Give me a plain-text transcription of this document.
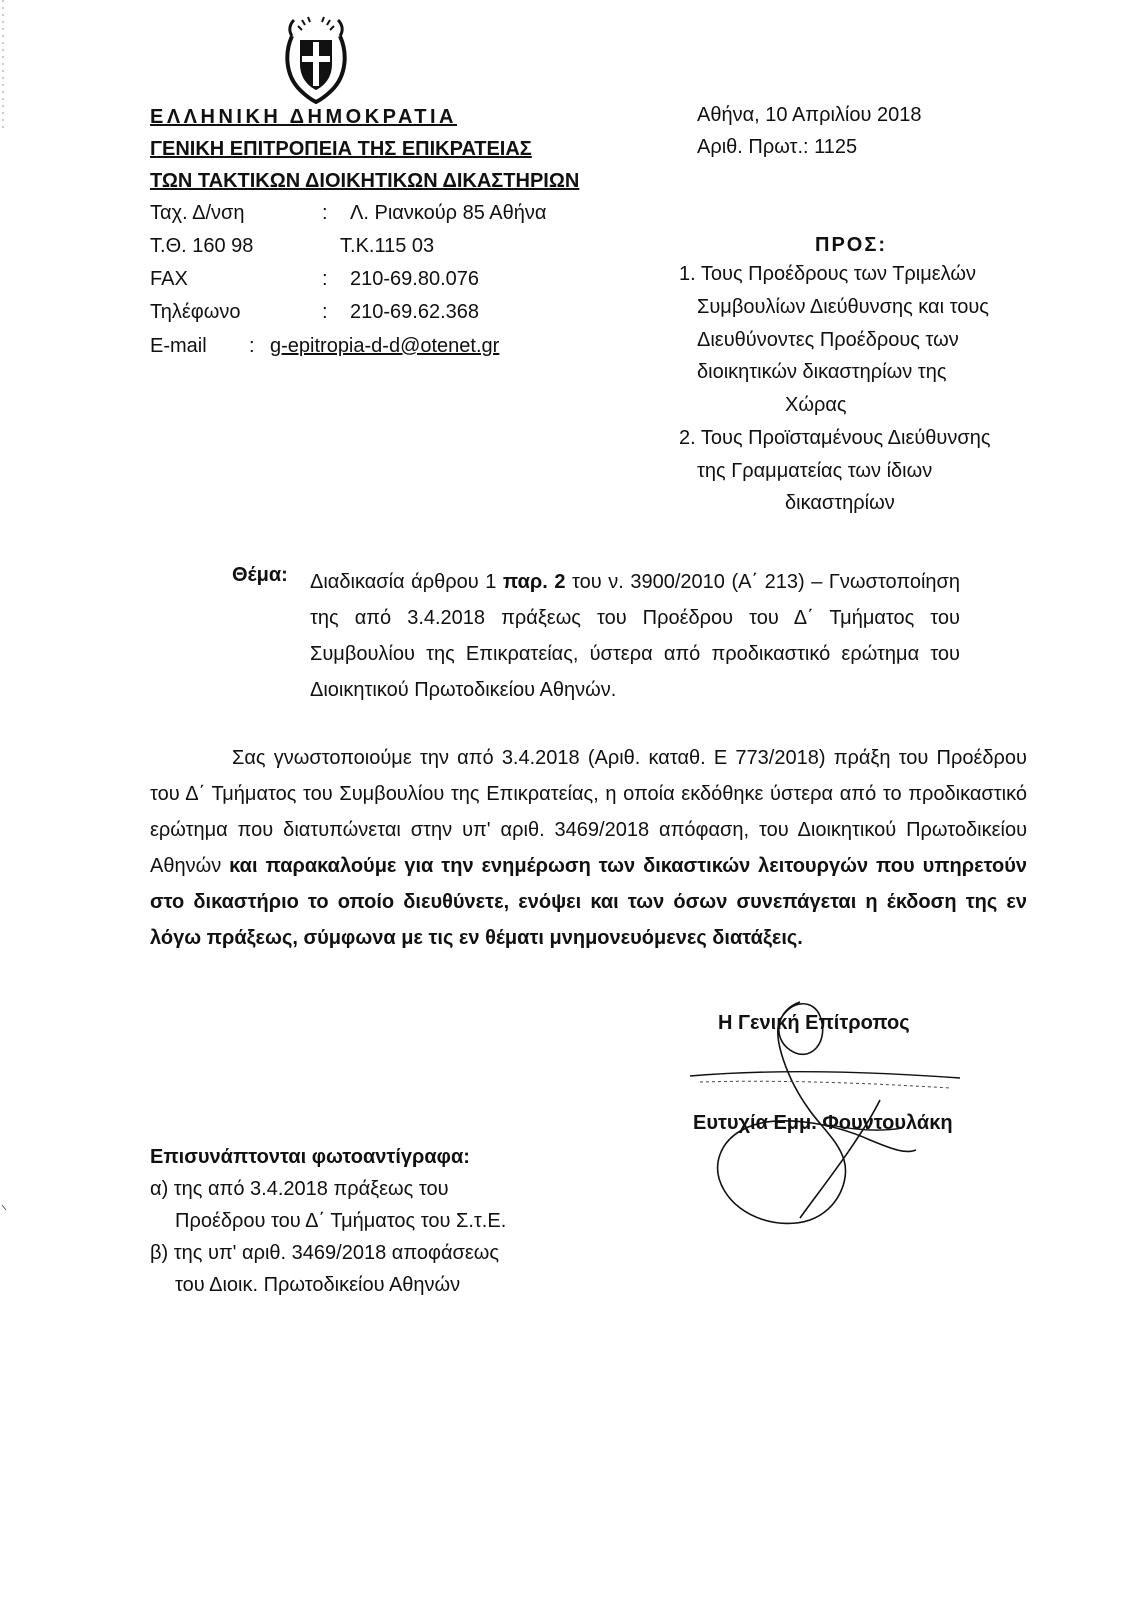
ΕΛΛΗΝΙΚΗ ΔΗΜΟΚΡΑΤΙΑ
ΓΕΝΙΚΗ ΕΠΙΤΡΟΠΕΙΑ ΤΗΣ ΕΠΙΚΡΑΤΕΙΑΣ
ΤΩΝ ΤΑΚΤΙΚΩΝ ΔΙΟΙΚΗΤΙΚΩΝ ΔΙΚΑΣΤΗΡΙΩΝ
Ταχ. Δ/νση	: Λ. Ριανκούρ 85 Αθήνα
Τ.Θ. 160 98	Τ.Κ.115 03
FAX	: 210-69.80.076
Τηλέφωνο	: 210-69.62.368
E-mail : g-epitropia-d-d@otenet.gr
Αθήνα, 10 Απριλίου 2018
Αριθ. Πρωτ.: 1125
ΠΡΟΣ:
1. Τους Προέδρους των Τριμελών
Συμβουλίων Διεύθυνσης και τους
Διευθύνοντες Προέδρους των
διοικητικών δικαστηρίων της
Χώρας
2. Τους Προϊσταμένους Διεύθυνσης
της Γραμματείας των ίδιων
δικαστηρίων
Θέμα: Διαδικασία άρθρου 1 παρ. 2 του ν. 3900/2010 (Α΄ 213) – Γνωστοποίηση της από 3.4.2018 πράξεως του Προέδρου του Δ΄ Τμήματος του Συμβουλίου της Επικρατείας, ύστερα από προδικαστικό ερώτημα του Διοικητικού Πρωτοδικείου Αθηνών.
Σας γνωστοποιούμε την από 3.4.2018 (Αριθ. καταθ. Ε 773/2018) πράξη του Προέδρου του Δ΄ Τμήματος του Συμβουλίου της Επικρατείας, η οποία εκδόθηκε ύστερα από το προδικαστικό ερώτημα που διατυπώνεται στην υπ' αριθ. 3469/2018 απόφαση, του Διοικητικού Πρωτοδικείου Αθηνών και παρακαλούμε για την ενημέρωση των δικαστικών λειτουργών που υπηρετούν στο δικαστήριο το οποίο διευθύνετε, ενόψει και των όσων συνεπάγεται η έκδοση της εν λόγω πράξεως, σύμφωνα με τις εν θέματι μνημονευόμενες διατάξεις.
Η Γενική Επίτροπος
Ευτυχία Εμμ. Φουντουλάκη
Επισυνάπτονται φωτοαντίγραφα:
α) της από 3.4.2018 πράξεως του
Προέδρου του Δ΄ Τμήματος του Σ.τ.Ε.
β) της υπ' αριθ. 3469/2018 αποφάσεως
του Διοικ. Πρωτοδικείου Αθηνών
